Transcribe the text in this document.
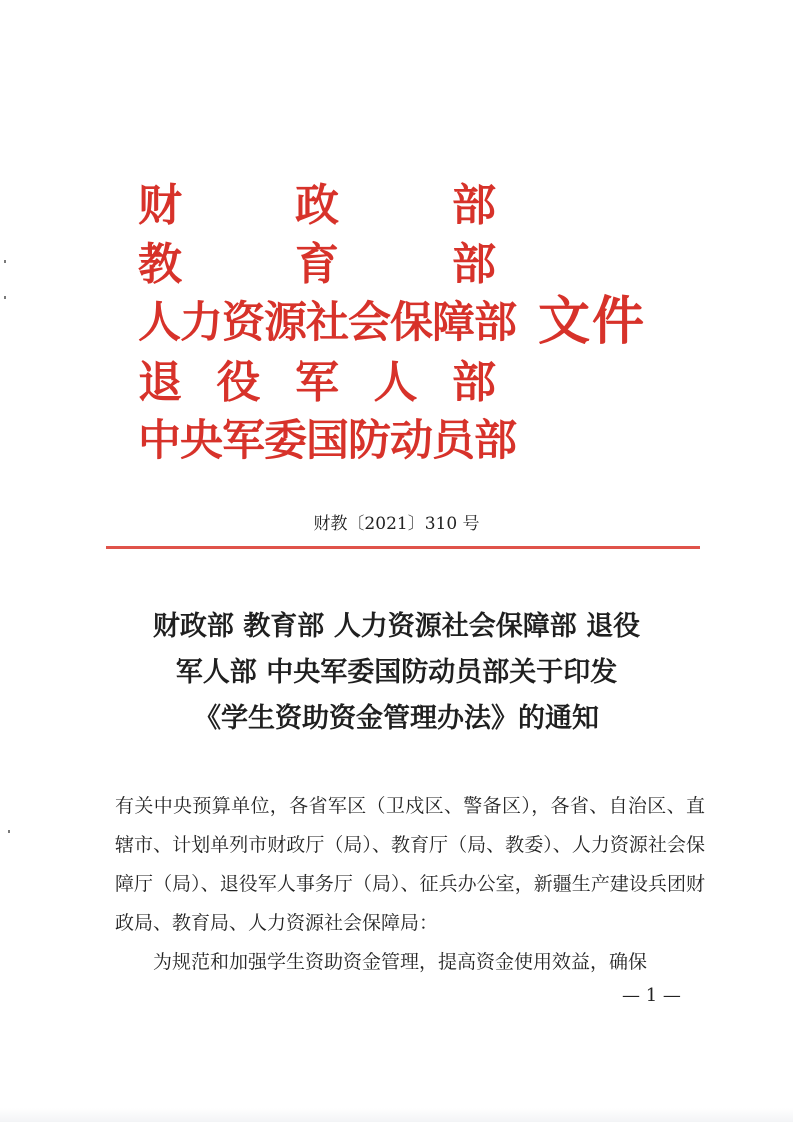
财	政	部
教	育	部
人力资源社会保障部
退 役 军 人 部
中央军委国防动员部
文件
财教〔2021〕310 号
财政部 教育部 人力资源社会保障部 退役
军人部 中央军委国防动员部关于印发
《学生资助资金管理办法》的通知

有关中央预算单位，各省军区（卫戍区、警备区），各省、自治区、直辖市、计划单列市财政厅（局）、教育厅（局、教委）、人力资源社会保障厅（局）、退役军人事务厅（局）、征兵办公室，新疆生产建设兵团财政局、教育局、人力资源社会保障局：

为规范和加强学生资助资金管理，提高资金使用效益，确保

— 1 —
